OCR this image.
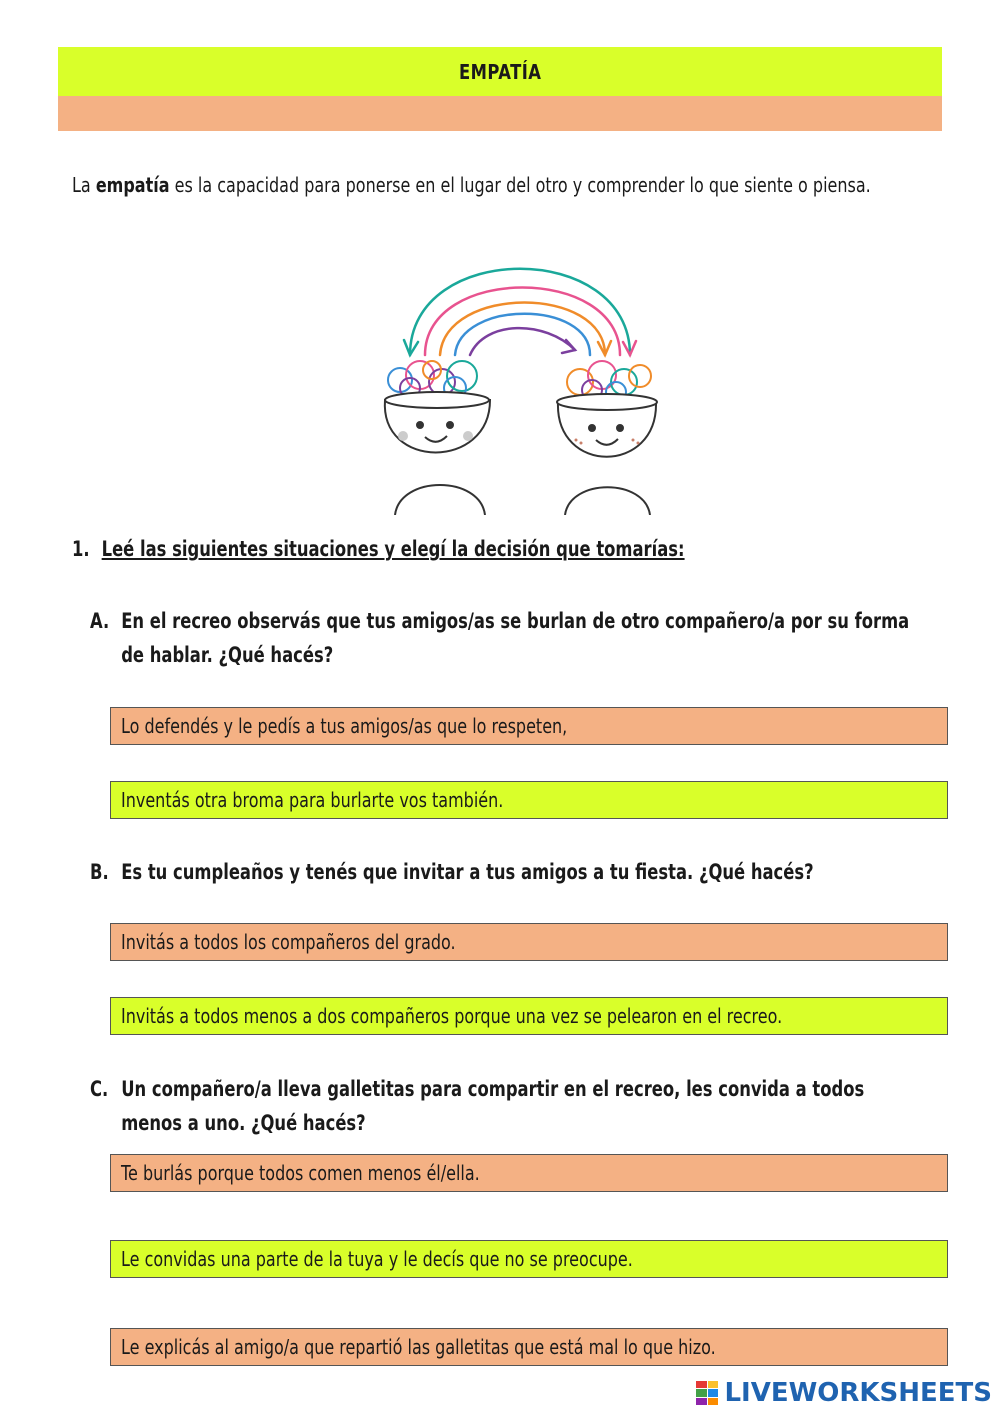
EMPATÍA
La empatía es la capacidad para ponerse en el lugar del otro y comprender lo que siente o piensa.
1. Leé las siguientes situaciones y elegí la decisión que tomarías:
A. En el recreo observás que tus amigos/as se burlan de otro compañero/a por su forma de hablar. ¿Qué hacés?
Lo defendés y le pedís a tus amigos/as que lo respeten,
Inventás otra broma para burlarte vos también.
B. Es tu cumpleaños y tenés que invitar a tus amigos a tu fiesta. ¿Qué hacés?
Invitás a todos los compañeros del grado.
Invitás a todos menos a dos compañeros porque una vez se pelearon en el recreo.
C. Un compañero/a lleva galletitas para compartir en el recreo, les convida a todos menos a uno. ¿Qué hacés?
Te burlás porque todos comen menos él/ella.
Le convidas una parte de la tuya y le decís que no se preocupe.
Le explicás al amigo/a que repartió las galletitas que está mal lo que hizo.
LIVEWORKSHEETS
